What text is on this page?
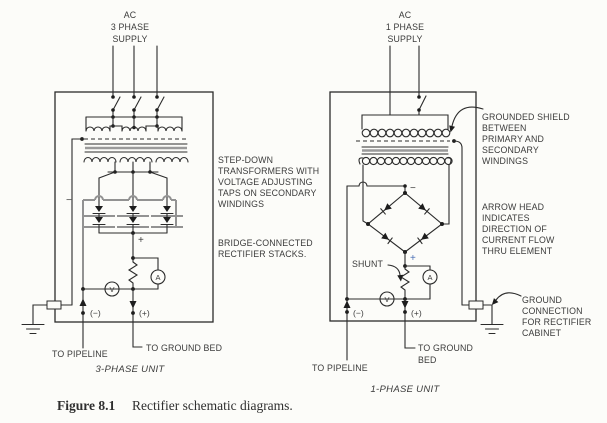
AC
3 PHASE
SUPPLY
−
+
A
V
(−)	(+)
TO PIPELINE
TO GROUND BED
3-PHASE UNIT
AC
1 PHASE
SUPPLY
−
+
A
V
SHUNT
(−)	(+)
TO PIPELINE
TO GROUND
BED
1-PHASE UNIT
STEP-DOWN
TRANSFORMERS WITH
VOLTAGE ADJUSTING
TAPS ON SECONDARY
WINDINGS
BRIDGE-CONNECTED
RECTIFIER STACKS.
GROUNDED SHIELD
BETWEEN
PRIMARY AND
SECONDARY
WINDINGS
ARROW HEAD
INDICATES
DIRECTION OF
CURRENT FLOW
THRU ELEMENT
GROUND
CONNECTION
FOR RECTIFIER
CABINET
Figure 8.1 Rectifier schematic diagrams.
